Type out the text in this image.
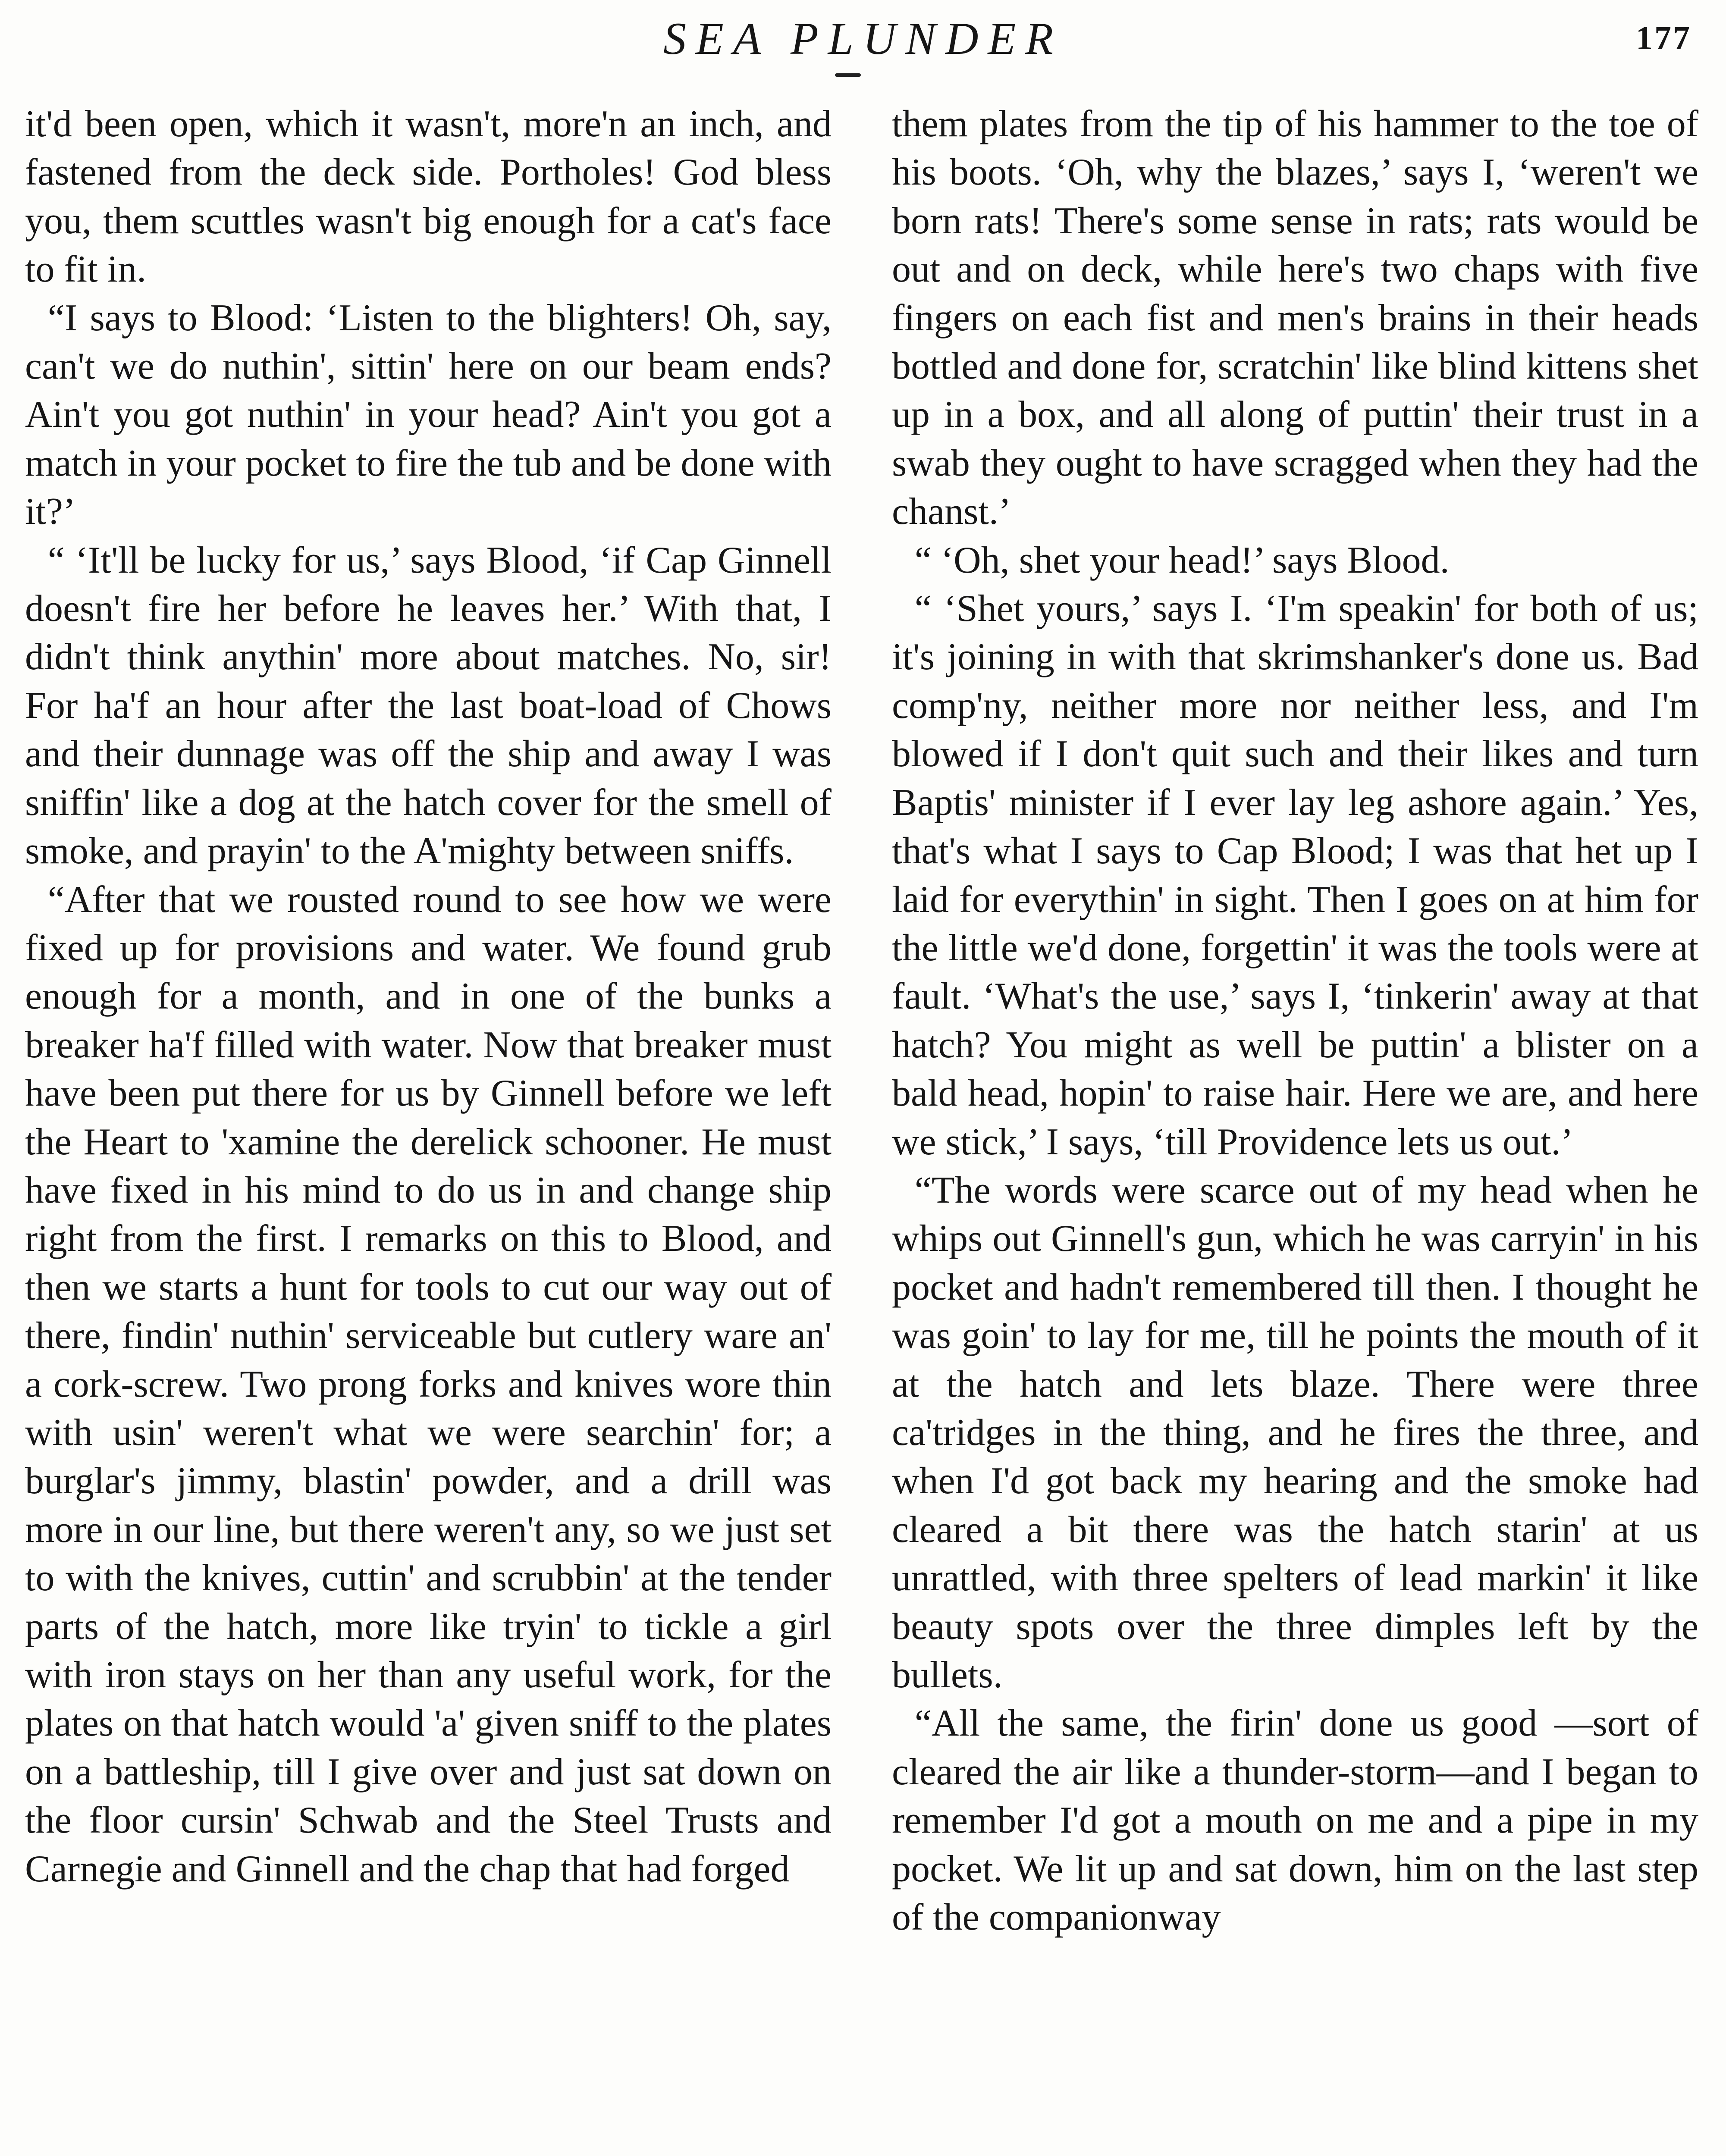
SEA PLUNDER	177

it'd been open, which it wasn't, more'n an inch, and fastened from the deck side. Portholes! God bless you, them scuttles wasn't big enough for a cat's face to fit in.

“I says to Blood: ‘Listen to the blighters! Oh, say, can't we do nuthin', sittin' here on our beam ends? Ain't you got nuthin' in your head? Ain't you got a match in your pocket to fire the tub and be done with it?’

“ ‘It'll be lucky for us,’ says Blood, ‘if Cap Ginnell doesn't fire her before he leaves her.’ With that, I didn't think anythin' more about matches. No, sir! For ha'f an hour after the last boat-load of Chows and their dunnage was off the ship and away I was sniffin' like a dog at the hatch cover for the smell of smoke, and prayin' to the A'mighty between sniffs.

“After that we rousted round to see how we were fixed up for provisions and water. We found grub enough for a month, and in one of the bunks a breaker ha'f filled with water. Now that breaker must have been put there for us by Ginnell before we left the Heart to 'xamine the derelick schooner. He must have fixed in his mind to do us in and change ship right from the first. I remarks on this to Blood, and then we starts a hunt for tools to cut our way out of there, findin' nuthin' serviceable but cutlery ware an' a cork-screw. Two prong forks and knives wore thin with usin' weren't what we were searchin' for; a burglar's jimmy, blastin' powder, and a drill was more in our line, but there weren't any, so we just set to with the knives, cuttin' and scrubbin' at the tender parts of the hatch, more like tryin' to tickle a girl with iron stays on her than any useful work, for the plates on that hatch would 'a' given sniff to the plates on a battleship, till I give over and just sat down on the floor cursin' Schwab and the Steel Trusts and Carnegie and Ginnell and the chap that had forged

them plates from the tip of his hammer to the toe of his boots. ‘Oh, why the blazes,’ says I, ‘weren't we born rats! There's some sense in rats; rats would be out and on deck, while here's two chaps with five fingers on each fist and men's brains in their heads bottled and done for, scratchin' like blind kittens shet up in a box, and all along of puttin' their trust in a swab they ought to have scragged when they had the chanst.’

“ ‘Oh, shet your head!’ says Blood.

“ ‘Shet yours,’ says I. ‘I'm speakin' for both of us; it's joining in with that skrimshanker's done us. Bad comp'ny, neither more nor neither less, and I'm blowed if I don't quit such and their likes and turn Baptis' minister if I ever lay leg ashore again.’ Yes, that's what I says to Cap Blood; I was that het up I laid for everythin' in sight. Then I goes on at him for the little we'd done, forgettin' it was the tools were at fault. ‘What's the use,’ says I, ‘tinkerin' away at that hatch? You might as well be puttin' a blister on a bald head, hopin' to raise hair. Here we are, and here we stick,’ I says, ‘till Providence lets us out.’

“The words were scarce out of my head when he whips out Ginnell's gun, which he was carryin' in his pocket and hadn't remembered till then. I thought he was goin' to lay for me, till he points the mouth of it at the hatch and lets blaze. There were three ca'tridges in the thing, and he fires the three, and when I'd got back my hearing and the smoke had cleared a bit there was the hatch starin' at us unrattled, with three spelters of lead markin' it like beauty spots over the three dimples left by the bullets.

“All the same, the firin' done us good —sort of cleared the air like a thunder-storm—and I began to remember I'd got a mouth on me and a pipe in my pocket. We lit up and sat down, him on the last step of the companionway
